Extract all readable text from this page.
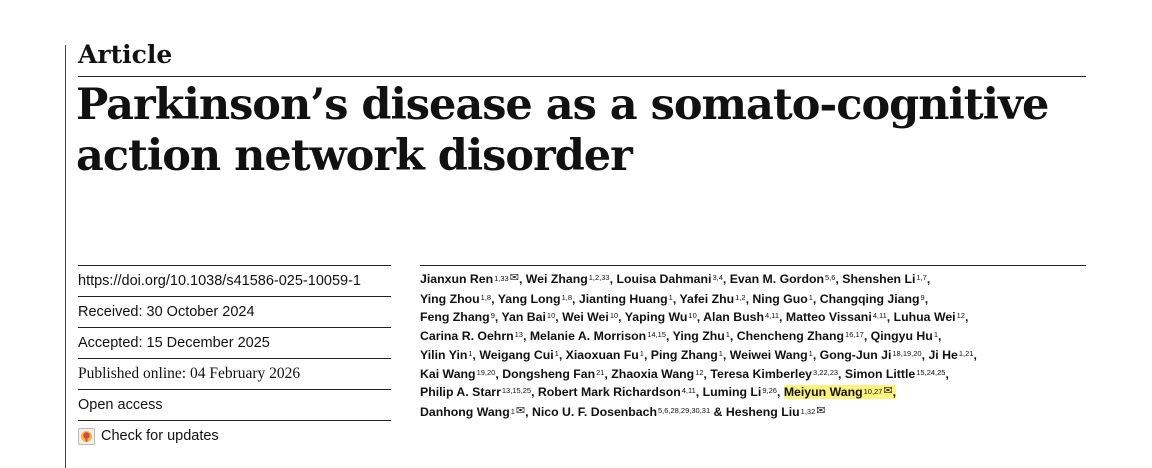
Article
Parkinson’s disease as a somato-cognitive
action network disorder
https://doi.org/10.1038/s41586-025-10059-1
Received: 30 October 2024
Accepted: 15 December 2025
Published online: 04 February 2026
Open access
Check for updates
Jianxun Ren$^{1,33✉}$, Wei Zhang$^{1,2,33}$, Louisa Dahmani$^{3,4}$, Evan M. Gordon$^{5,6}$, Shenshen Li$^{1,7}$,
Ying Zhou$^{1,8}$, Yang Long$^{1,8}$, Jianting Huang$^1$, Yafei Zhu$^{1,2}$, Ning Guo$^1$, Changqing Jiang$^9$,
Feng Zhang$^9$, Yan Bai$^{10}$, Wei Wei$^{10}$, Yaping Wu$^{10}$, Alan Bush$^{4,11}$, Matteo Vissani$^{4,11}$, Luhua Wei$^{12}$,
Carina R. Oehrn$^{13}$, Melanie A. Morrison$^{14,15}$, Ying Zhu$^1$, Chencheng Zhang$^{16,17}$, Qingyu Hu$^1$,
Yilin Yin$^1$, Weigang Cui$^1$, Xiaoxuan Fu$^1$, Ping Zhang$^1$, Weiwei Wang$^1$, Gong-Jun Ji$^{18,19,20}$, Ji He$^{1,21}$,
Kai Wang$^{19,20}$, Dongsheng Fan$^{21}$, Zhaoxia Wang$^{12}$, Teresa Kimberley$^{3,22,23}$, Simon Little$^{15,24,25}$,
Philip A. Starr$^{13,15,25}$, Robert Mark Richardson$^{4,11}$, Luming Li$^{9,26}$, Meiyun Wang$^{10,27✉}$,
Danhong Wang$^{1✉}$, Nico U. F. Dosenbach$^{5,6,28,29,30,31}$ & Hesheng Liu$^{1,32✉}$
